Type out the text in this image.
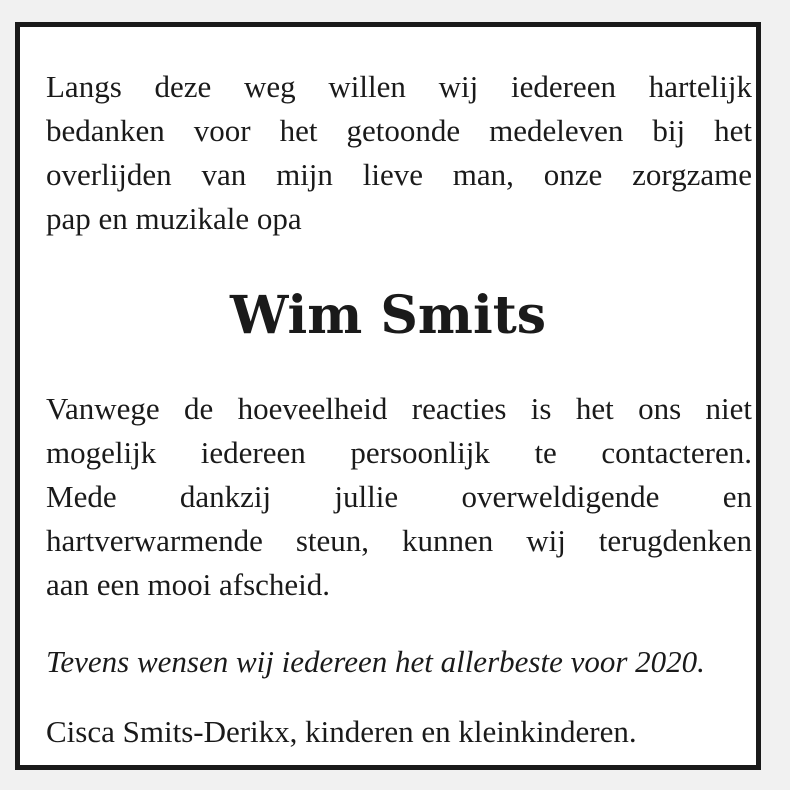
Langs deze weg willen wij iedereen hartelijk
bedanken voor het getoonde medeleven bij het
overlijden van mijn lieve man, onze zorgzame
pap en muzikale opa
Wim Smits
Vanwege de hoeveelheid reacties is het ons niet
mogelijk iedereen persoonlijk te contacteren.
Mede dankzij jullie overweldigende en
hartverwarmende steun, kunnen wij terugdenken
aan een mooi afscheid.

Tevens wensen wij iedereen het allerbeste voor 2020.

Cisca Smits-Derikx, kinderen en kleinkinderen.
